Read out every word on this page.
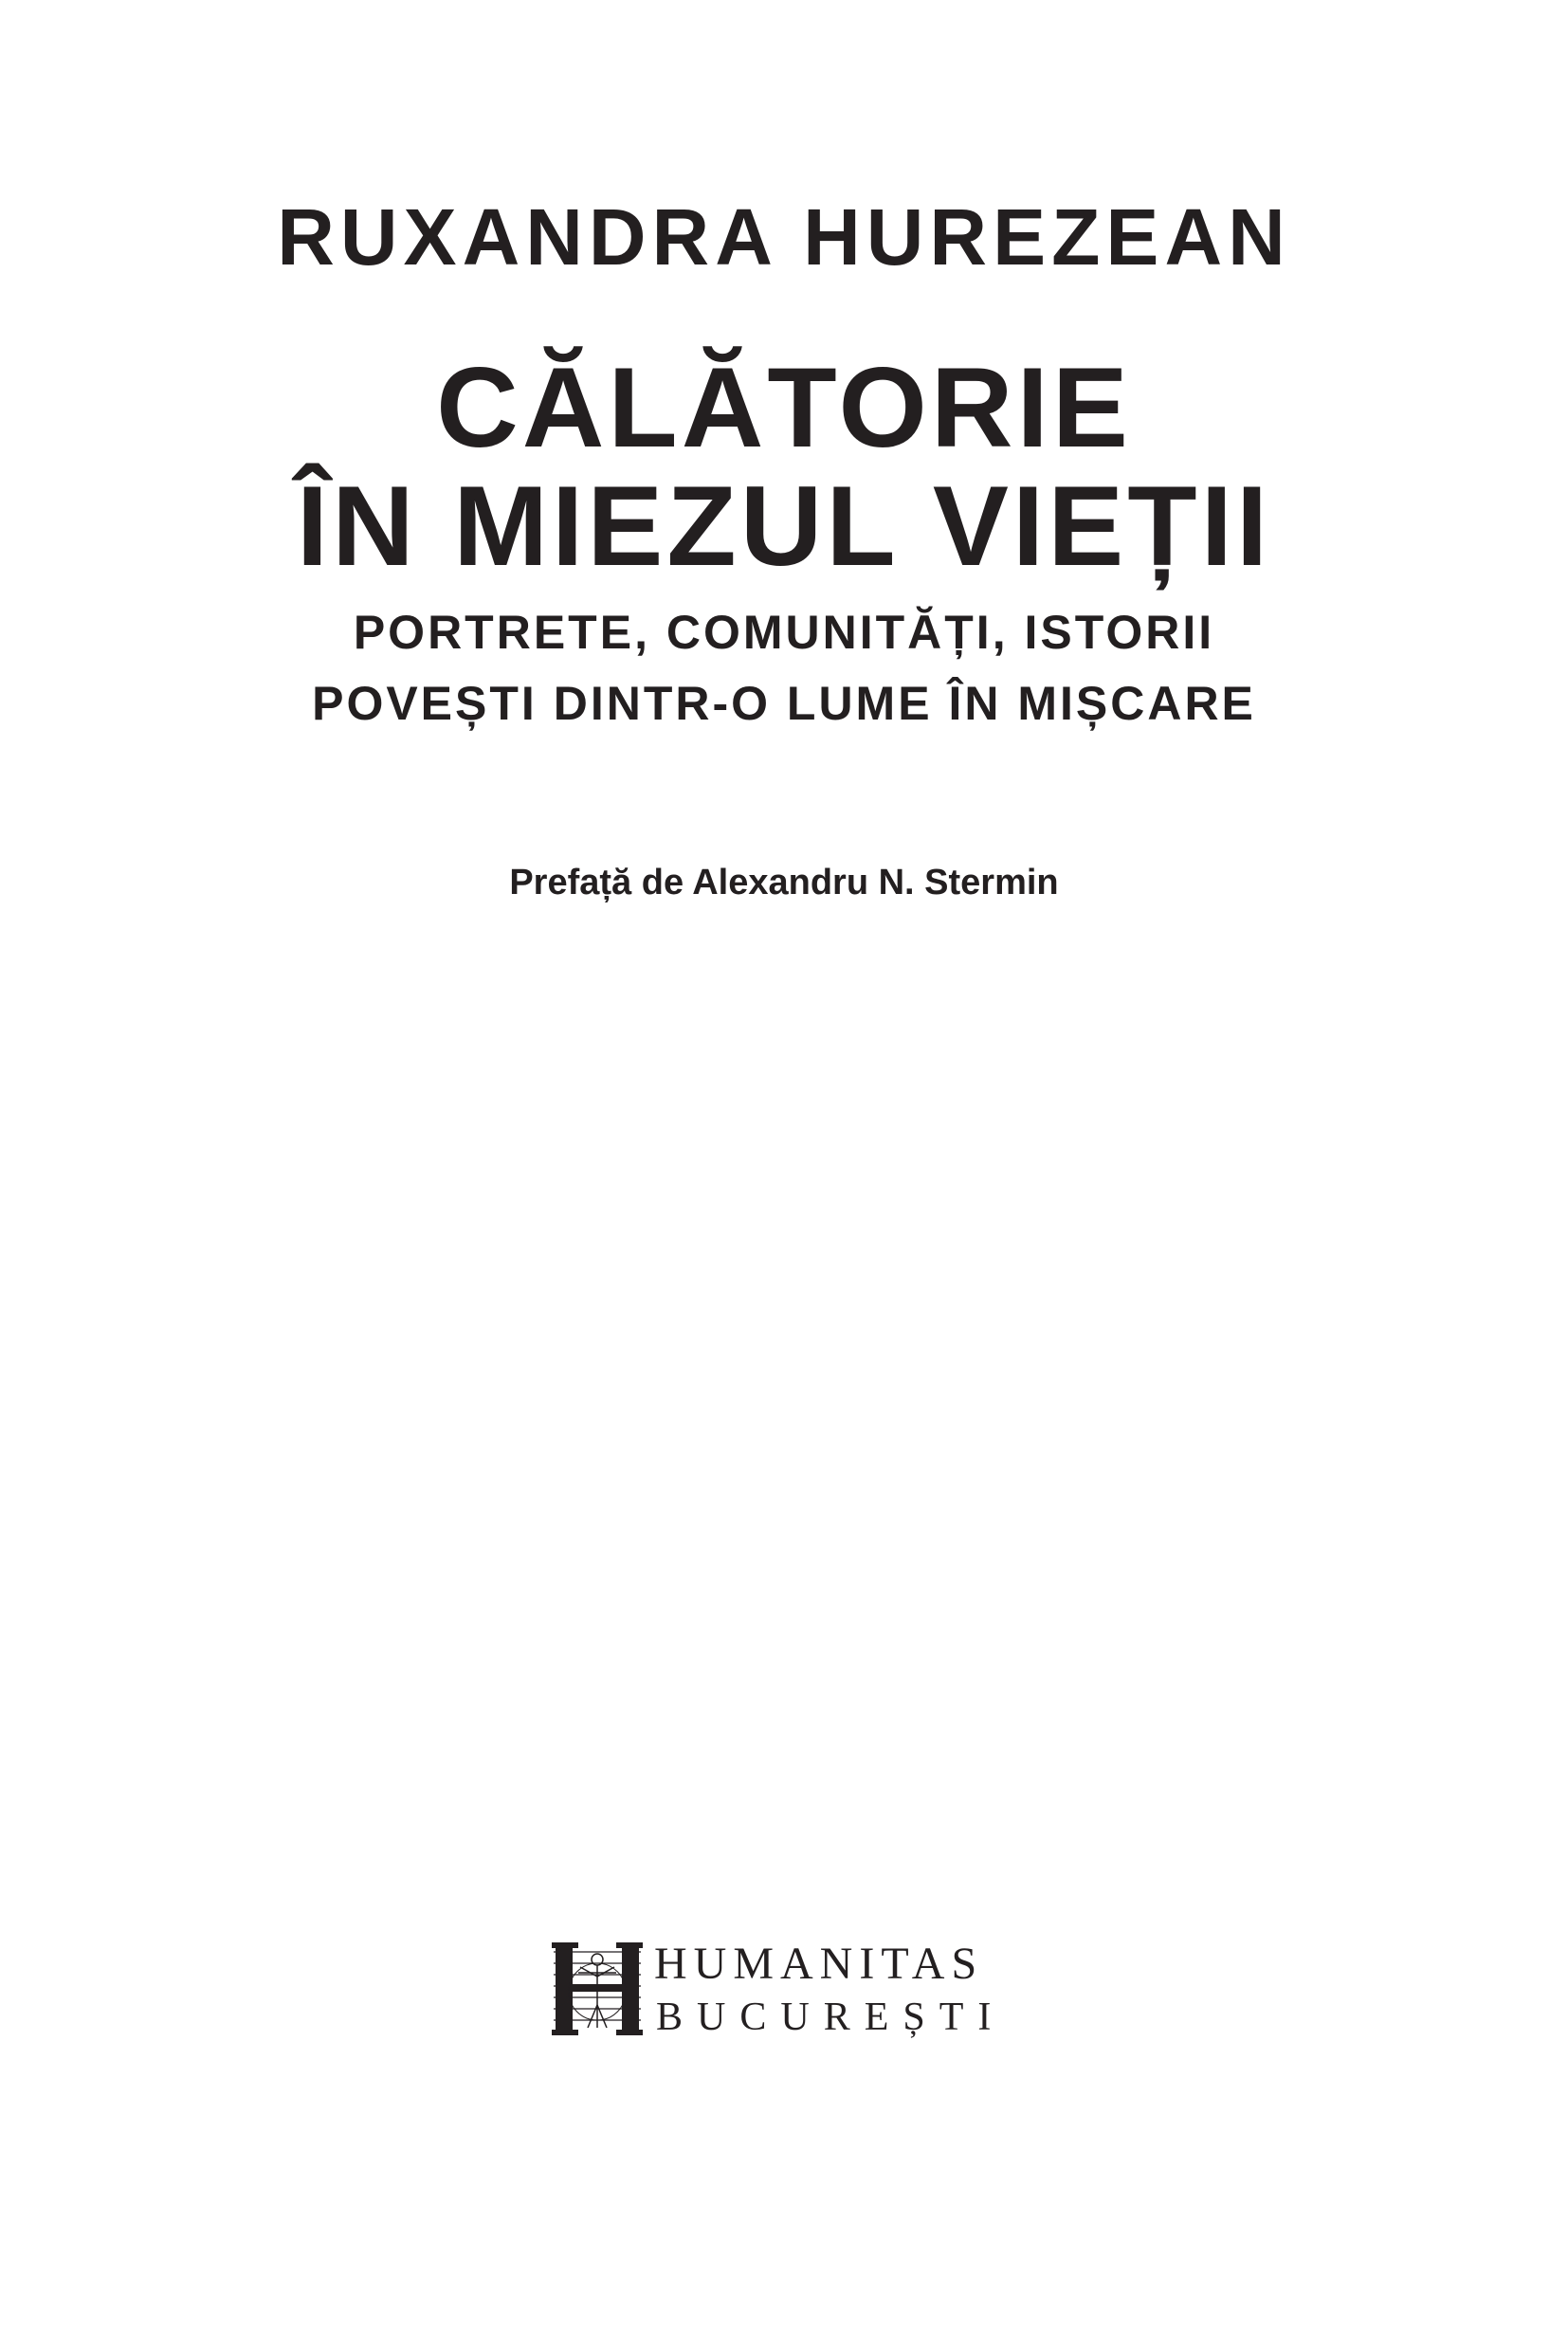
RUXANDRA HUREZEAN
CĂLĂTORIE
ÎN MIEZUL VIEȚII
PORTRETE, COMUNITĂȚI, ISTORII
POVEȘTI DINTR-O LUME ÎN MIȘCARE
Prefață de Alexandru N. Stermin
HUMANITAS
BUCUREȘTI
